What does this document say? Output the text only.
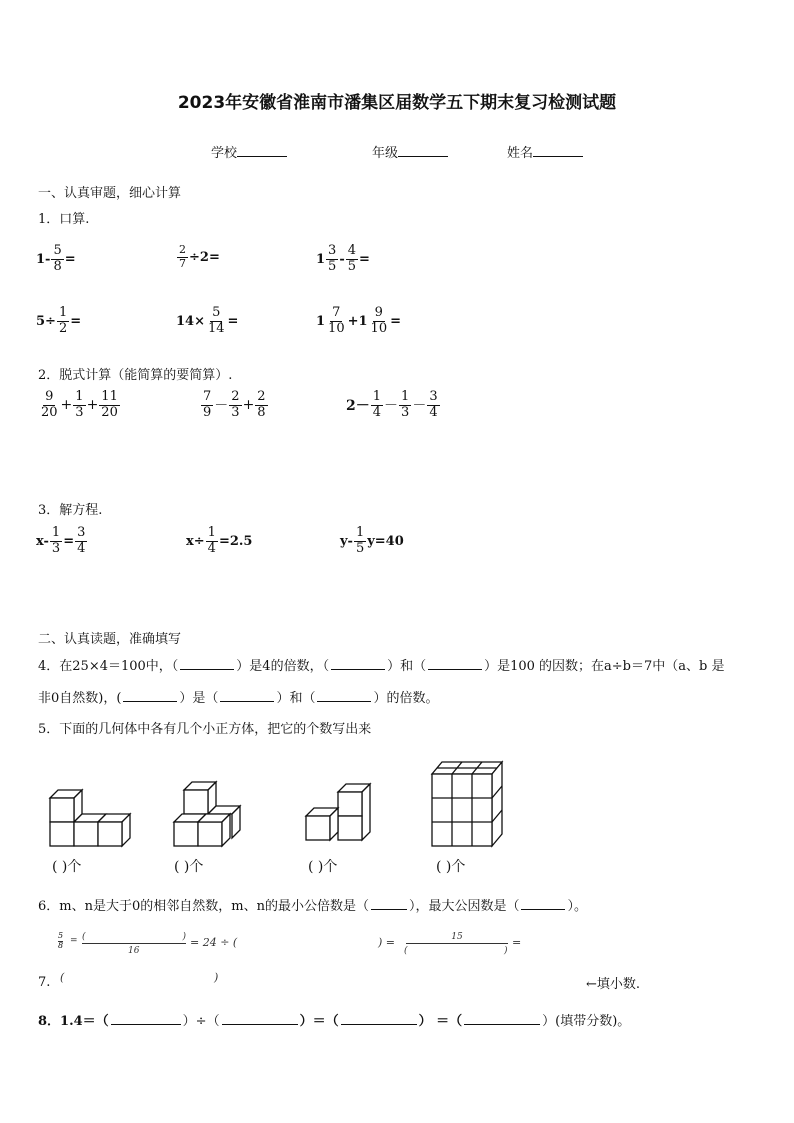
2023年安徽省淮南市潘集区届数学五下期末复习检测试题
学校	年级	姓名
一、认真审题，细心计算
1．口算.
$1- \frac{5}{8}$ =	$\frac{2}{7} \div 2=$	$1 \frac{3}{5} - \frac{4}{5}$ =
$5\div \frac{1}{2}$ =	$14\times \frac{5}{14}$ =	$1 \frac{7}{10} +1 \frac{9}{10}$ =
2．脱式计算（能简算的要简算）.
$\frac{9}{20} + \frac{1}{3} + \frac{11}{20}$	$\frac{7}{9} - \frac{2}{3} + \frac{2}{8}$	$2- \frac{1}{4} - \frac{1}{3} - \frac{3}{4}$
3．解方程.
$x- \frac{1}{3} = \frac{3}{4}$	$x\div \frac{1}{4} =2.5$	$y- \frac{1}{5} y=40$
二、认真读题，准确填写
4．在25×4＝100中，（	）是4的倍数，（	）和（	）是100 的因数；在a÷b＝7中（a、b 是
非0自然数)，(	）是（	）和（	）的倍数。
5．下面的几何体中各有几个小正方体，把它的个数写出来
( )个	( )个	( )个	( )个
6．m、n是大于0的相邻自然数，m、n的最小公倍数是（	），最大公因数是（	）。
$\frac{5}{8}$ = (	)
16
= 24 ÷ (	) =	15
(	)
=
7. (	)	←填小数.
8．1.4＝（	）÷（	）＝（	） ＝（	）(填带分数)。
